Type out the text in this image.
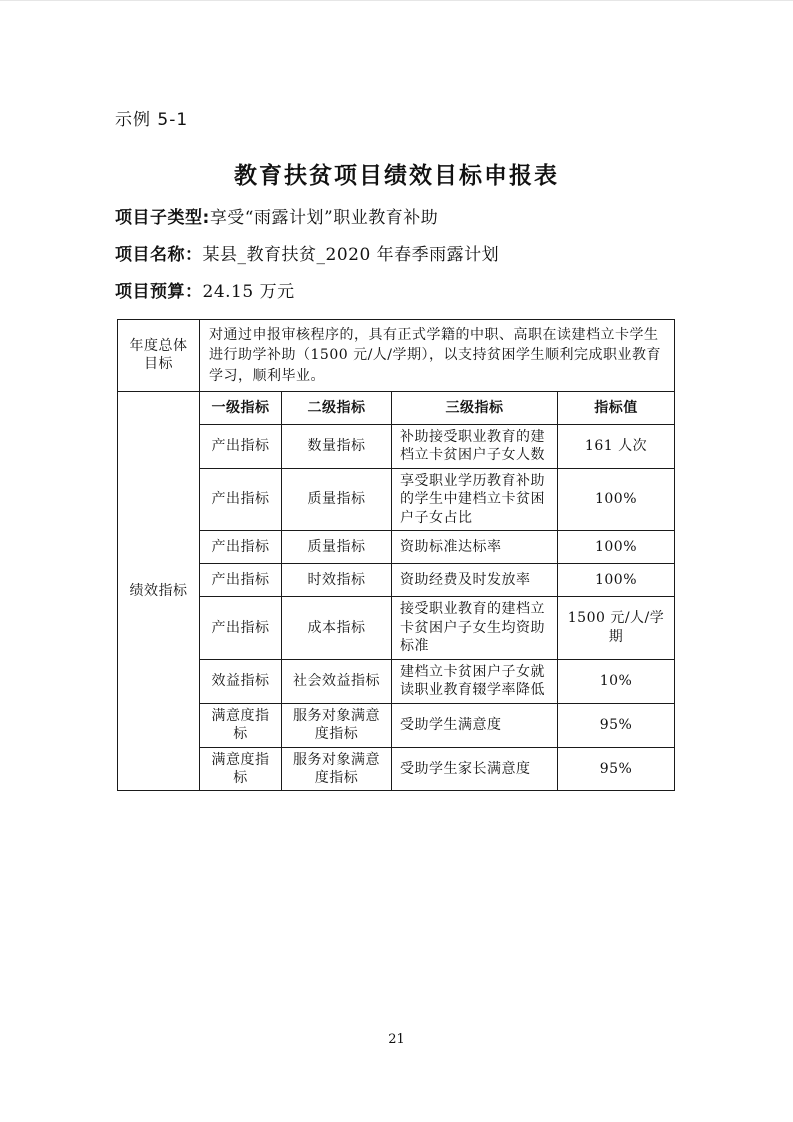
示例 5-1
教育扶贫项目绩效目标申报表
项目子类型:享受“雨露计划”职业教育补助
项目名称：某县_教育扶贫_2020 年春季雨露计划
项目预算：24.15 万元
年度总体目标	对通过申报审核程序的，具有正式学籍的中职、高职在读建档立卡学生进行助学补助（1500 元/人/学期），以支持贫困学生顺利完成职业教育学习，顺利毕业。			
绩效指标	一级指标	二级指标	三级指标	指标值
	产出指标	数量指标	补助接受职业教育的建档立卡贫困户子女人数	161 人次
	产出指标	质量指标	享受职业学历教育补助的学生中建档立卡贫困户子女占比	100%
	产出指标	质量指标	资助标准达标率	100%
	产出指标	时效指标	资助经费及时发放率	100%
	产出指标	成本指标	接受职业教育的建档立卡贫困户子女生均资助标准	1500 元/人/学期
	效益指标	社会效益指标	建档立卡贫困户子女就读职业教育辍学率降低	10%
	满意度指标	服务对象满意度指标	受助学生满意度	95%
	满意度指标	服务对象满意度指标	受助学生家长满意度	95%
21
